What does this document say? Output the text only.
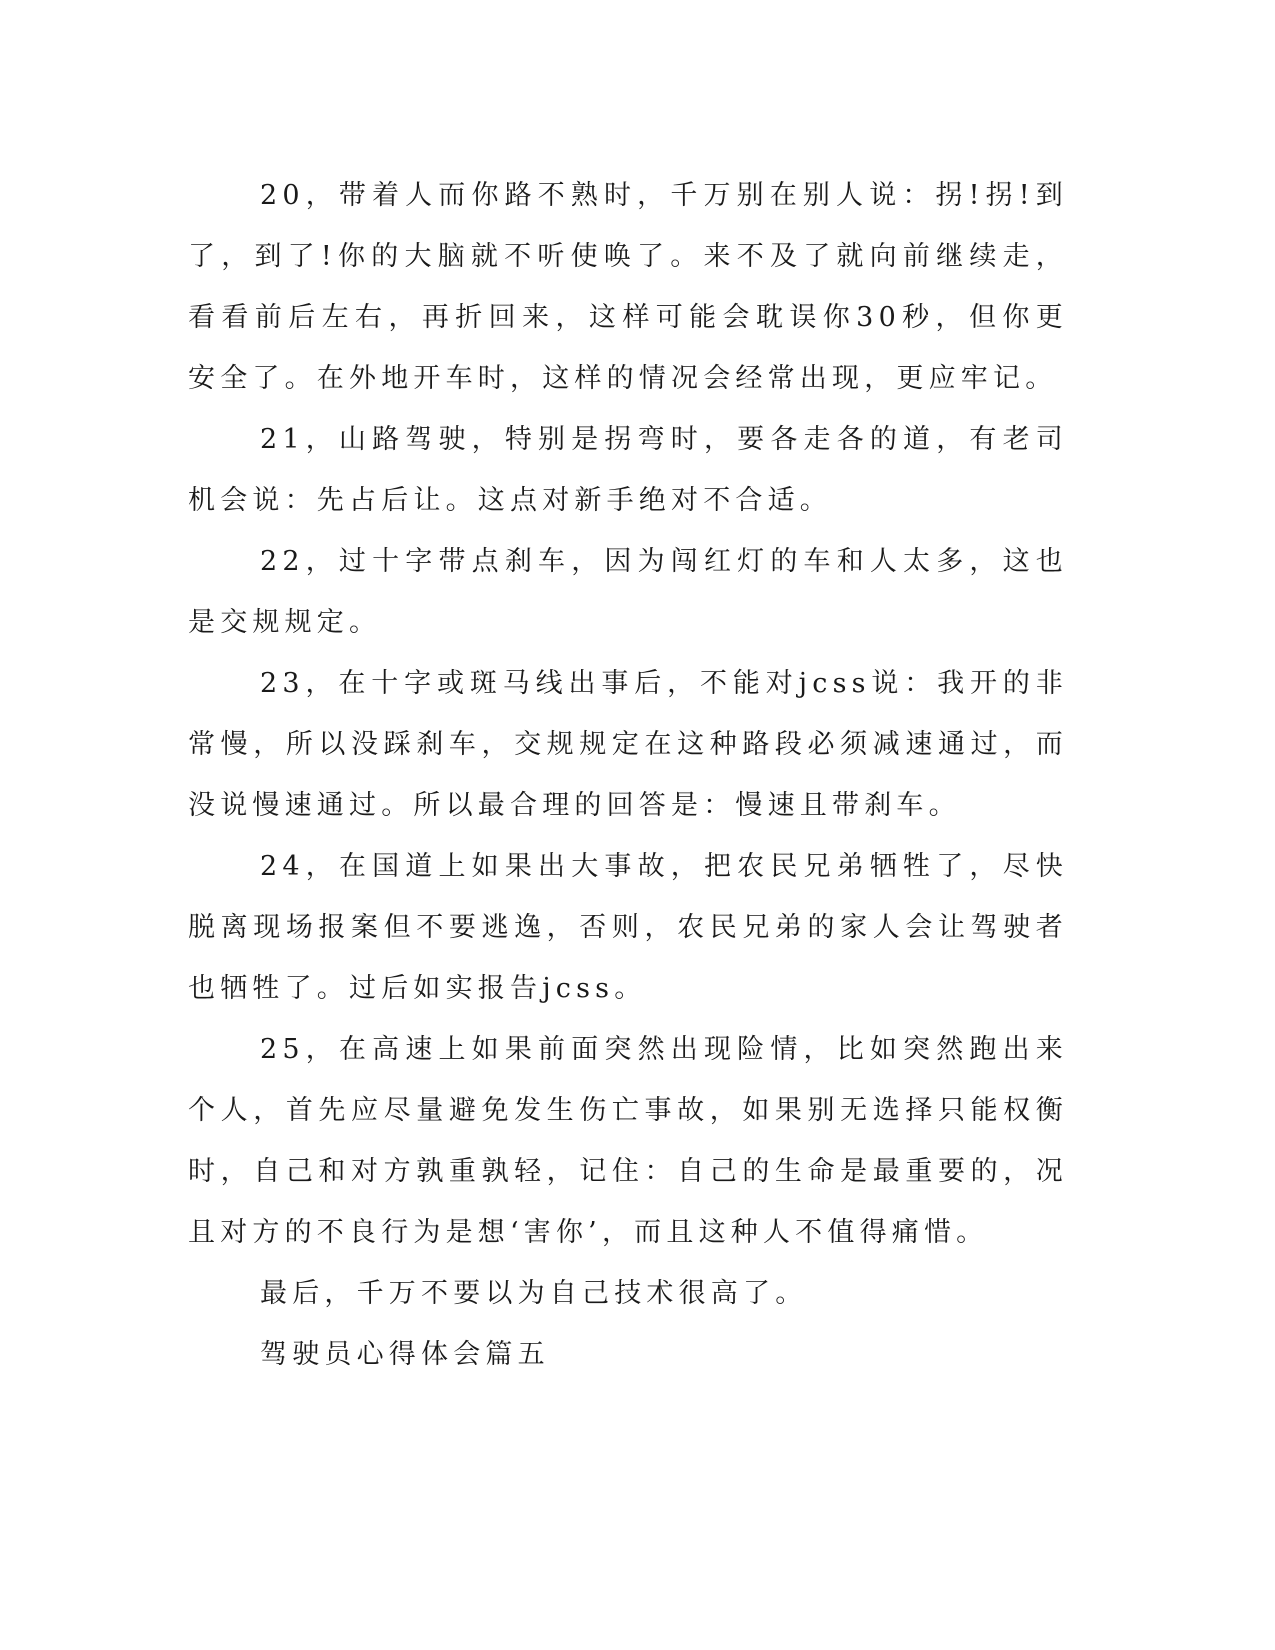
20，带着人而你路不熟时，千万别在别人说：拐!拐!到了，到了!你的大脑就不听使唤了。来不及了就向前继续走，看看前后左右，再折回来，这样可能会耽误你30秒，但你更安全了。在外地开车时，这样的情况会经常出现，更应牢记。

21，山路驾驶，特别是拐弯时，要各走各的道，有老司机会说：先占后让。这点对新手绝对不合适。

22，过十字带点刹车，因为闯红灯的车和人太多，这也是交规规定。

23，在十字或斑马线出事后，不能对jcss说：我开的非常慢，所以没踩刹车，交规规定在这种路段必须减速通过，而没说慢速通过。所以最合理的回答是：慢速且带刹车。

24，在国道上如果出大事故，把农民兄弟牺牲了，尽快脱离现场报案但不要逃逸，否则，农民兄弟的家人会让驾驶者也牺牲了。过后如实报告jcss。

25，在高速上如果前面突然出现险情，比如突然跑出来个人，首先应尽量避免发生伤亡事故，如果别无选择只能权衡时，自己和对方孰重孰轻，记住：自己的生命是最重要的，况且对方的不良行为是想‘害你’，而且这种人不值得痛惜。

最后，千万不要以为自己技术很高了。

驾驶员心得体会篇五
